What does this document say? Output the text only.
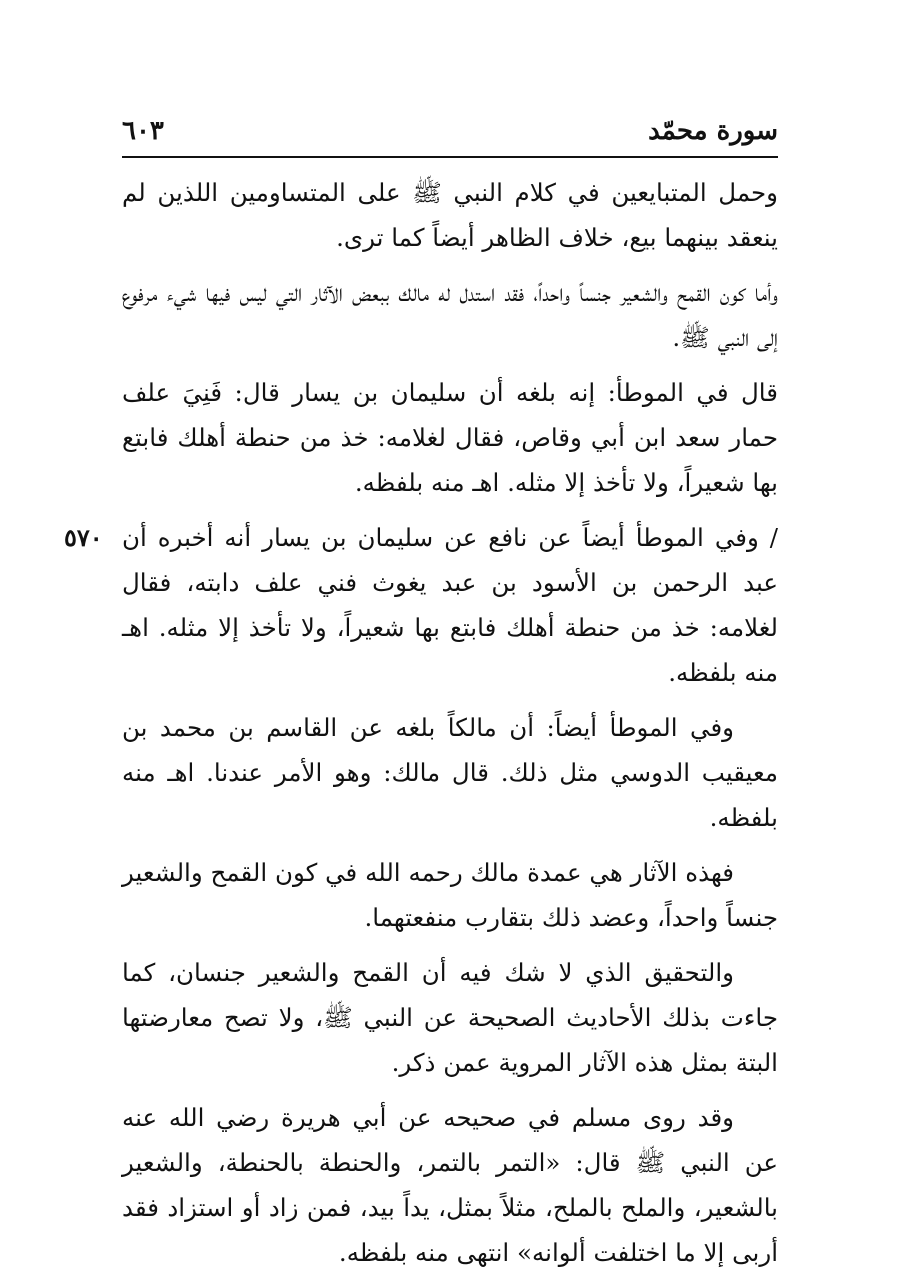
سورة محمّد
٦٠٣

وحمل المتبايعين في كلام النبي ﷺ على المتساومين اللذين لم ينعقد بينهما بيع، خلاف الظاهر أيضاً كما ترى.

وأما كون القمح والشعير جنساً واحداً، فقد استدل له مالك ببعض الآثار التي ليس فيها شيء مرفوع إلى النبي ﷺ.

قال في الموطأ: إنه بلغه أن سليمان بن يسار قال: فَنِيَ علف حمار سعد ابن أبي وقاص، فقال لغلامه: خذ من حنطة أهلك فابتع بها شعيراً، ولا تأخذ إلا مثله. اهـ منه بلفظه.

٥٧٠ / وفي الموطأ أيضاً عن نافع عن سليمان بن يسار أنه أخبره أن عبد الرحمن بن الأسود بن عبد يغوث فني علف دابته، فقال لغلامه: خذ من حنطة أهلك فابتع بها شعيراً، ولا تأخذ إلا مثله. اهـ منه بلفظه.

وفي الموطأ أيضاً: أن مالكاً بلغه عن القاسم بن محمد بن معيقيب الدوسي مثل ذلك. قال مالك: وهو الأمر عندنا. اهـ منه بلفظه.

فهذه الآثار هي عمدة مالك رحمه الله في كون القمح والشعير جنساً واحداً، وعضد ذلك بتقارب منفعتهما.

والتحقيق الذي لا شك فيه أن القمح والشعير جنسان، كما جاءت بذلك الأحاديث الصحيحة عن النبي ﷺ، ولا تصح معارضتها البتة بمثل هذه الآثار المروية عمن ذكر.

وقد روى مسلم في صحيحه عن أبي هريرة رضي الله عنه عن النبي ﷺ قال: «التمر بالتمر، والحنطة بالحنطة، والشعير بالشعير، والملح بالملح، مثلاً بمثل، يداً بيد، فمن زاد أو استزاد فقد أربى إلا ما اختلفت ألوانه» انتهى منه بلفظه.
